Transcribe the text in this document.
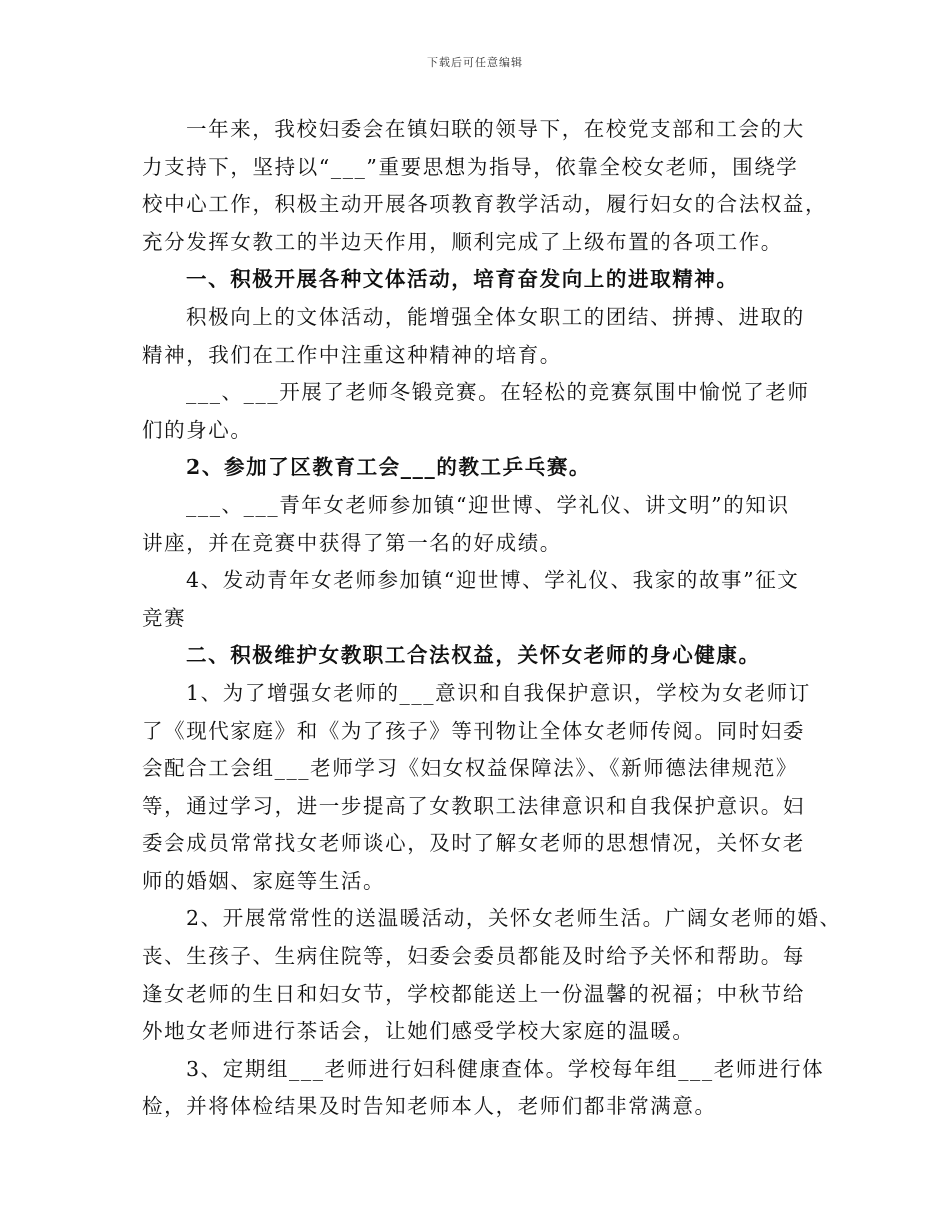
下载后可任意编辑
一年来，我校妇委会在镇妇联的领导下，在校党支部和工会的大
力支持下，坚持以“___”重要思想为指导，依靠全校女老师，围绕学
校中心工作，积极主动开展各项教育教学活动，履行妇女的合法权益，
充分发挥女教工的半边天作用，顺利完成了上级布置的各项工作。
一、积极开展各种文体活动，培育奋发向上的进取精神。
积极向上的文体活动，能增强全体女职工的团结、拼搏、进取的
精神，我们在工作中注重这种精神的培育。
___、___开展了老师冬锻竞赛。在轻松的竞赛氛围中愉悦了老师
们的身心。
2、参加了区教育工会___的教工乒乓赛。
___、___青年女老师参加镇“迎世博、学礼仪、讲文明”的知识
讲座，并在竞赛中获得了第一名的好成绩。
4、发动青年女老师参加镇“迎世博、学礼仪、我家的故事”征文
竞赛
二、积极维护女教职工合法权益，关怀女老师的身心健康。
1、为了增强女老师的___意识和自我保护意识，学校为女老师订
了《现代家庭》和《为了孩子》等刊物让全体女老师传阅。同时妇委
会配合工会组___老师学习《妇女权益保障法》、《新师德法律规范》
等，通过学习，进一步提高了女教职工法律意识和自我保护意识。妇
委会成员常常找女老师谈心，及时了解女老师的思想情况，关怀女老
师的婚姻、家庭等生活。
2、开展常常性的送温暖活动，关怀女老师生活。广阔女老师的婚、
丧、生孩子、生病住院等，妇委会委员都能及时给予关怀和帮助。每
逢女老师的生日和妇女节，学校都能送上一份温馨的祝福；中秋节给
外地女老师进行茶话会，让她们感受学校大家庭的温暖。
3、定期组___老师进行妇科健康查体。学校每年组___老师进行体
检，并将体检结果及时告知老师本人，老师们都非常满意。
